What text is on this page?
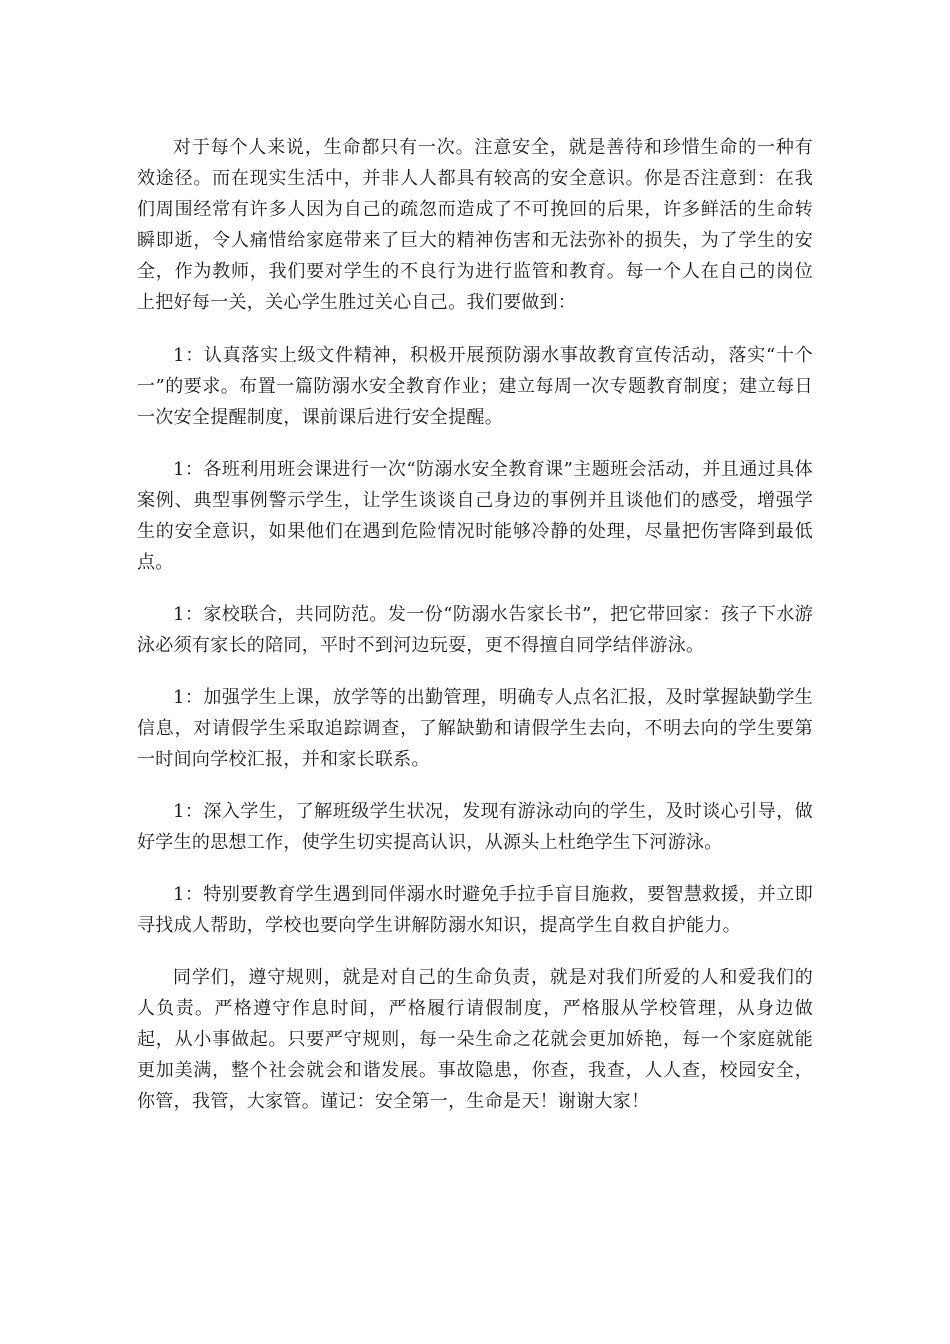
对于每个人来说，生命都只有一次。注意安全，就是善待和珍惜生命的一种有效途径。而在现实生活中，并非人人都具有较高的安全意识。你是否注意到：在我们周围经常有许多人因为自己的疏忽而造成了不可挽回的后果，许多鲜活的生命转瞬即逝，令人痛惜给家庭带来了巨大的精神伤害和无法弥补的损失，为了学生的安全，作为教师，我们要对学生的不良行为进行监管和教育。每一个人在自己的岗位上把好每一关，关心学生胜过关心自己。我们要做到：

1：认真落实上级文件精神，积极开展预防溺水事故教育宣传活动，落实“十个一”的要求。布置一篇防溺水安全教育作业；建立每周一次专题教育制度；建立每日一次安全提醒制度，课前课后进行安全提醒。

1：各班利用班会课进行一次“防溺水安全教育课”主题班会活动，并且通过具体案例、典型事例警示学生，让学生谈谈自己身边的事例并且谈他们的感受，增强学生的安全意识，如果他们在遇到危险情况时能够冷静的处理，尽量把伤害降到最低点。

1：家校联合，共同防范。发一份“防溺水告家长书”，把它带回家：孩子下水游泳必须有家长的陪同，平时不到河边玩耍，更不得擅自同学结伴游泳。

1：加强学生上课，放学等的出勤管理，明确专人点名汇报，及时掌握缺勤学生信息，对请假学生采取追踪调查，了解缺勤和请假学生去向，不明去向的学生要第一时间向学校汇报，并和家长联系。

1：深入学生，了解班级学生状况，发现有游泳动向的学生，及时谈心引导，做好学生的思想工作，使学生切实提高认识，从源头上杜绝学生下河游泳。

1：特别要教育学生遇到同伴溺水时避免手拉手盲目施救，要智慧救援，并立即寻找成人帮助，学校也要向学生讲解防溺水知识，提高学生自救自护能力。

同学们，遵守规则，就是对自己的生命负责，就是对我们所爱的人和爱我们的人负责。严格遵守作息时间，严格履行请假制度，严格服从学校管理，从身边做起，从小事做起。只要严守规则，每一朵生命之花就会更加娇艳，每一个家庭就能更加美满，整个社会就会和谐发展。事故隐患，你查，我查，人人查，校园安全，你管，我管，大家管。谨记：安全第一，生命是天！谢谢大家！
